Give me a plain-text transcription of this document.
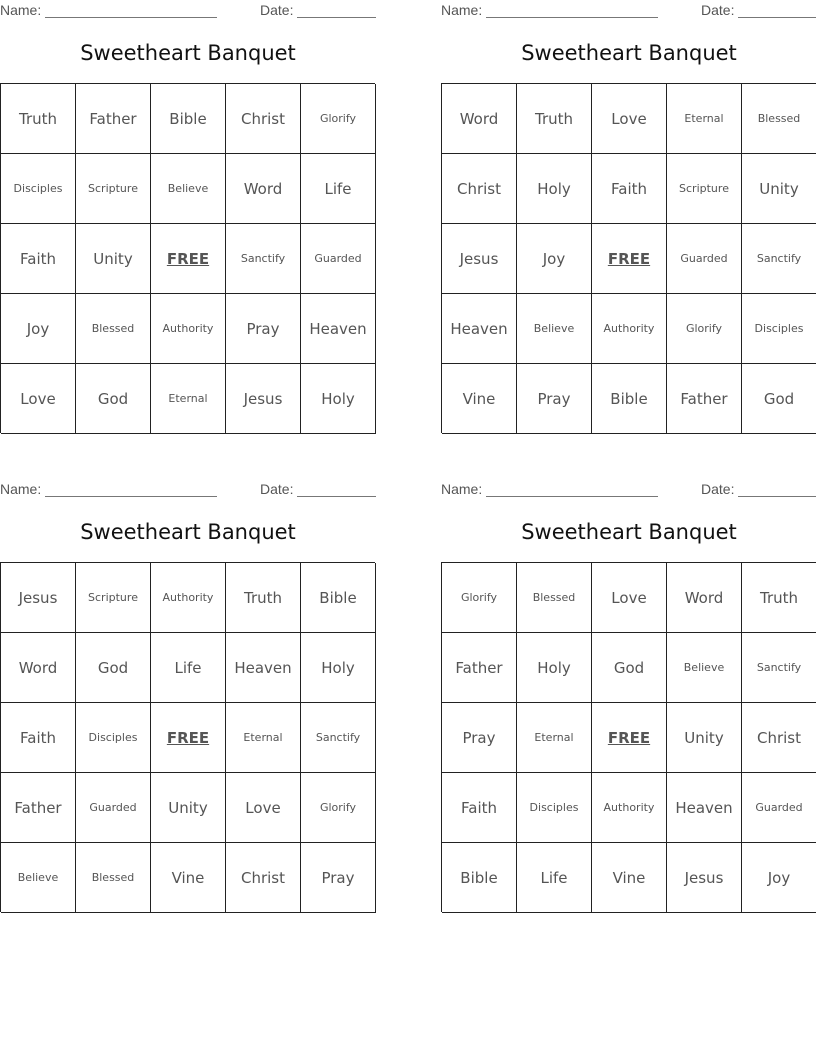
Name:	Date:
Sweetheart Banquet
Truth	Father	Bible	Christ	Glorify
Disciples	Scripture	Believe	Word	Life
Faith	Unity	FREE	Sanctify	Guarded
Joy	Blessed	Authority	Pray	Heaven
Love	God	Eternal	Jesus	Holy
Name:	Date:
Sweetheart Banquet
Word	Truth	Love	Eternal	Blessed
Christ	Holy	Faith	Scripture	Unity
Jesus	Joy	FREE	Guarded	Sanctify
Heaven	Believe	Authority	Glorify	Disciples
Vine	Pray	Bible	Father	God
Name:	Date:
Sweetheart Banquet
Jesus	Scripture	Authority	Truth	Bible
Word	God	Life	Heaven	Holy
Faith	Disciples	FREE	Eternal	Sanctify
Father	Guarded	Unity	Love	Glorify
Believe	Blessed	Vine	Christ	Pray
Name:	Date:
Sweetheart Banquet
Glorify	Blessed	Love	Word	Truth
Father	Holy	God	Believe	Sanctify
Pray	Eternal	FREE	Unity	Christ
Faith	Disciples	Authority	Heaven	Guarded
Bible	Life	Vine	Jesus	Joy
